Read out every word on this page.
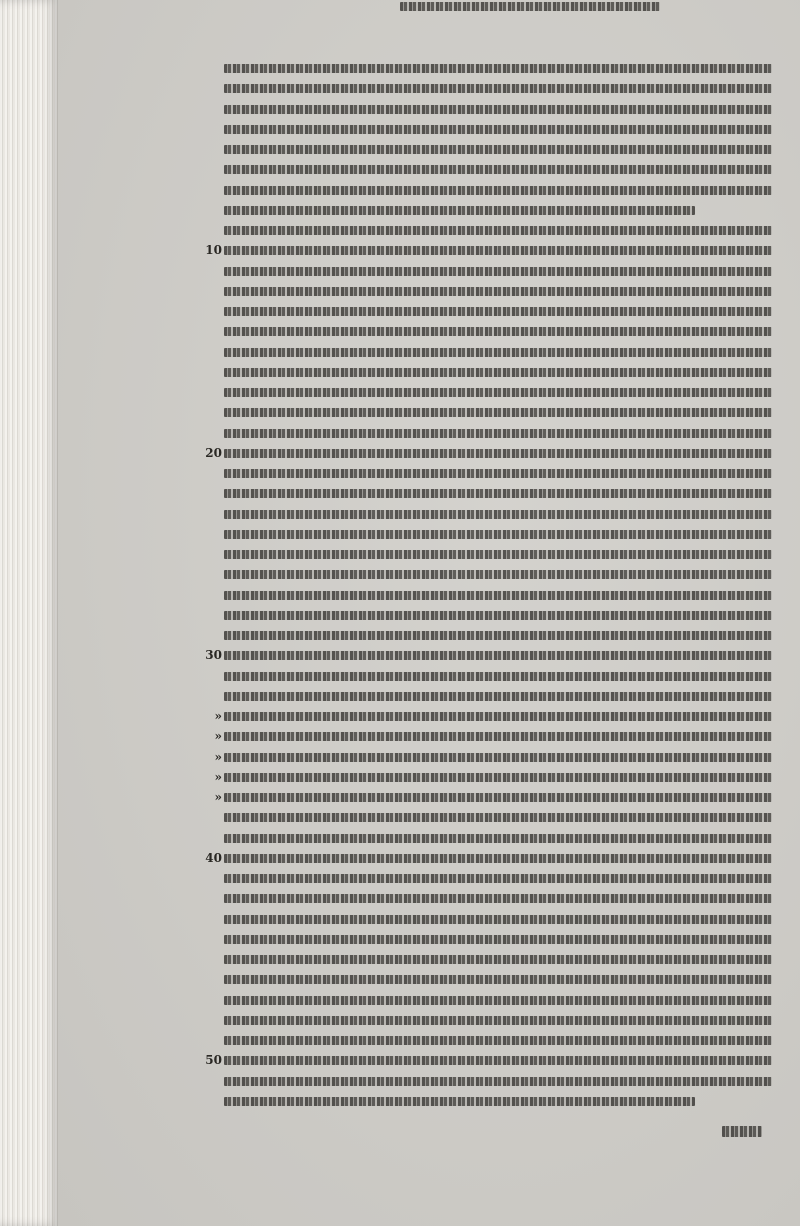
10
20
30
40
50
»
»
»
»
»
